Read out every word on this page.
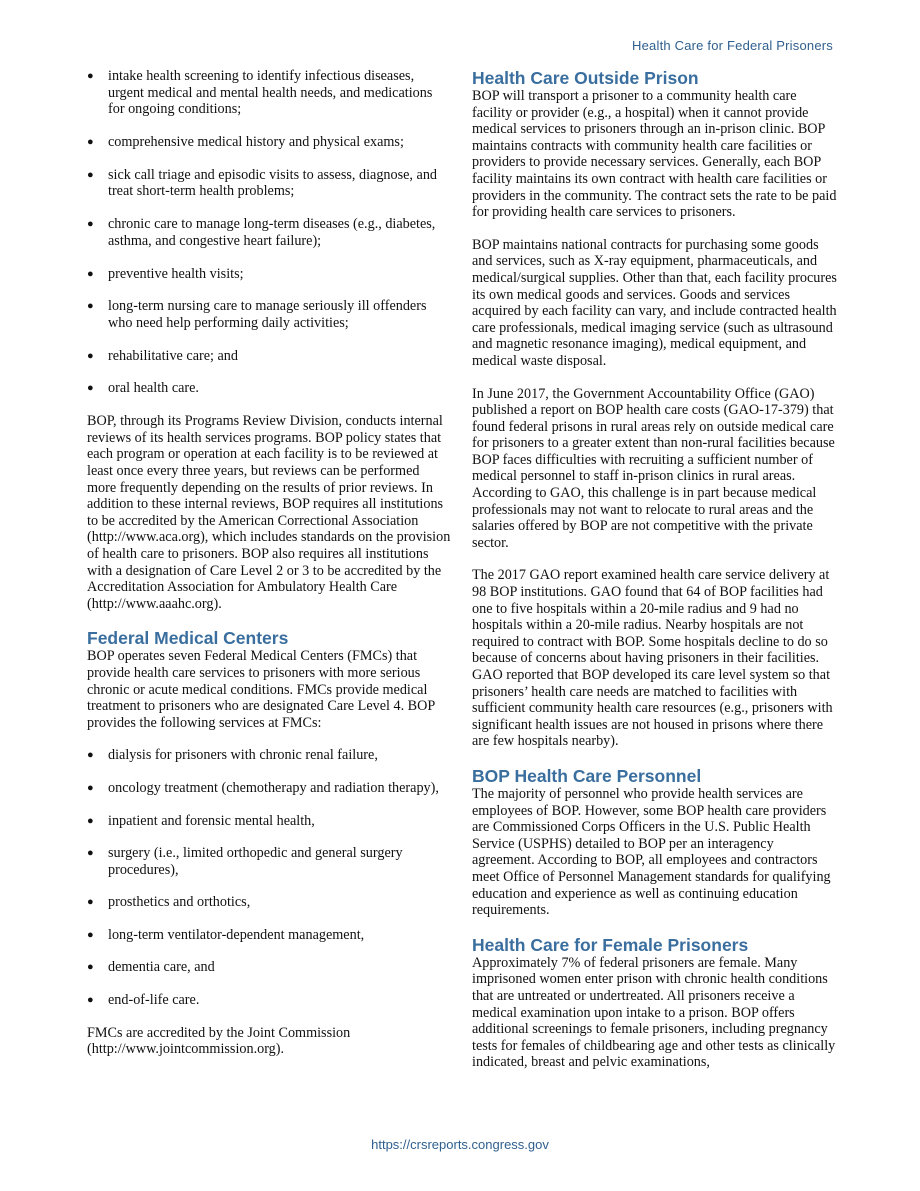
Health Care for Federal Prisoners
● intake health screening to identify infectious diseases, urgent medical and mental health needs, and medications for ongoing conditions;
● comprehensive medical history and physical exams;
● sick call triage and episodic visits to assess, diagnose, and treat short-term health problems;
● chronic care to manage long-term diseases (e.g., diabetes, asthma, and congestive heart failure);
● preventive health visits;
● long-term nursing care to manage seriously ill offenders who need help performing daily activities;
● rehabilitative care; and
● oral health care.

BOP, through its Programs Review Division, conducts internal reviews of its health services programs. BOP policy states that each program or operation at each facility is to be reviewed at least once every three years, but reviews can be performed more frequently depending on the results of prior reviews. In addition to these internal reviews, BOP requires all institutions to be accredited by the American Correctional Association (http://www.aca.org), which includes standards on the provision of health care to prisoners. BOP also requires all institutions with a designation of Care Level 2 or 3 to be accredited by the Accreditation Association for Ambulatory Health Care (http://www.aaahc.org).

Federal Medical Centers

BOP operates seven Federal Medical Centers (FMCs) that provide health care services to prisoners with more serious chronic or acute medical conditions. FMCs provide medical treatment to prisoners who are designated Care Level 4. BOP provides the following services at FMCs:

● dialysis for prisoners with chronic renal failure,
● oncology treatment (chemotherapy and radiation therapy),
● inpatient and forensic mental health,
● surgery (i.e., limited orthopedic and general surgery procedures),
● prosthetics and orthotics,
● long-term ventilator-dependent management,
● dementia care, and
● end-of-life care.

FMCs are accredited by the Joint Commission (http://www.jointcommission.org).

Health Care Outside Prison

BOP will transport a prisoner to a community health care facility or provider (e.g., a hospital) when it cannot provide medical services to prisoners through an in-prison clinic. BOP maintains contracts with community health care facilities or providers to provide necessary services. Generally, each BOP facility maintains its own contract with health care facilities or providers in the community. The contract sets the rate to be paid for providing health care services to prisoners.

BOP maintains national contracts for purchasing some goods and services, such as X-ray equipment, pharmaceuticals, and medical/surgical supplies. Other than that, each facility procures its own medical goods and services. Goods and services acquired by each facility can vary, and include contracted health care professionals, medical imaging service (such as ultrasound and magnetic resonance imaging), medical equipment, and medical waste disposal.

In June 2017, the Government Accountability Office (GAO) published a report on BOP health care costs (GAO-17-379) that found federal prisons in rural areas rely on outside medical care for prisoners to a greater extent than non-rural facilities because BOP faces difficulties with recruiting a sufficient number of medical personnel to staff in-prison clinics in rural areas. According to GAO, this challenge is in part because medical professionals may not want to relocate to rural areas and the salaries offered by BOP are not competitive with the private sector.

The 2017 GAO report examined health care service delivery at 98 BOP institutions. GAO found that 64 of BOP facilities had one to five hospitals within a 20-mile radius and 9 had no hospitals within a 20-mile radius. Nearby hospitals are not required to contract with BOP. Some hospitals decline to do so because of concerns about having prisoners in their facilities. GAO reported that BOP developed its care level system so that prisoners’ health care needs are matched to facilities with sufficient community health care resources (e.g., prisoners with significant health issues are not housed in prisons where there are few hospitals nearby).

BOP Health Care Personnel

The majority of personnel who provide health services are employees of BOP. However, some BOP health care providers are Commissioned Corps Officers in the U.S. Public Health Service (USPHS) detailed to BOP per an interagency agreement. According to BOP, all employees and contractors meet Office of Personnel Management standards for qualifying education and experience as well as continuing education requirements.

Health Care for Female Prisoners

Approximately 7% of federal prisoners are female. Many imprisoned women enter prison with chronic health conditions that are untreated or undertreated. All prisoners receive a medical examination upon intake to a prison. BOP offers additional screenings to female prisoners, including pregnancy tests for females of childbearing age and other tests as clinically indicated, breast and pelvic examinations,

https://crsreports.congress.gov
